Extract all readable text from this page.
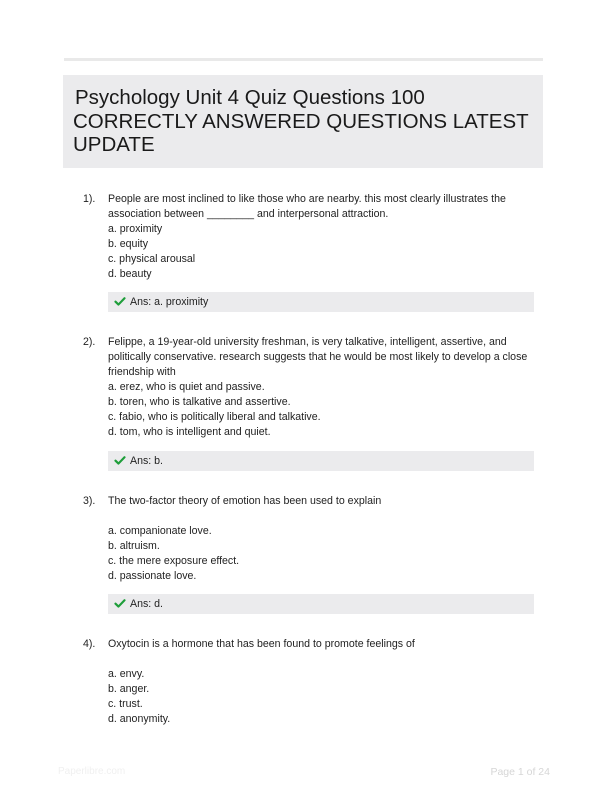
Psychology Unit 4 Quiz Questions 100
CORRECTLY ANSWERED QUESTIONS LATEST
UPDATE
1). People are most inclined to like those who are nearby. this most clearly illustrates the
association between ________ and interpersonal attraction.
a. proximity
b. equity
c. physical arousal
d. beauty
Ans: a. proximity
2). Felippe, a 19-year-old university freshman, is very talkative, intelligent, assertive, and
politically conservative. research suggests that he would be most likely to develop a close
friendship with
a. erez, who is quiet and passive.
b. toren, who is talkative and assertive.
c. fabio, who is politically liberal and talkative.
d. tom, who is intelligent and quiet.
Ans: b.
3). The two-factor theory of emotion has been used to explain
a. companionate love.
b. altruism.
c. the mere exposure effect.
d. passionate love.
Ans: d.
4). Oxytocin is a hormone that has been found to promote feelings of
a. envy.
b. anger.
c. trust.
d. anonymity.
Paperlibre.com	Page 1 of 24
